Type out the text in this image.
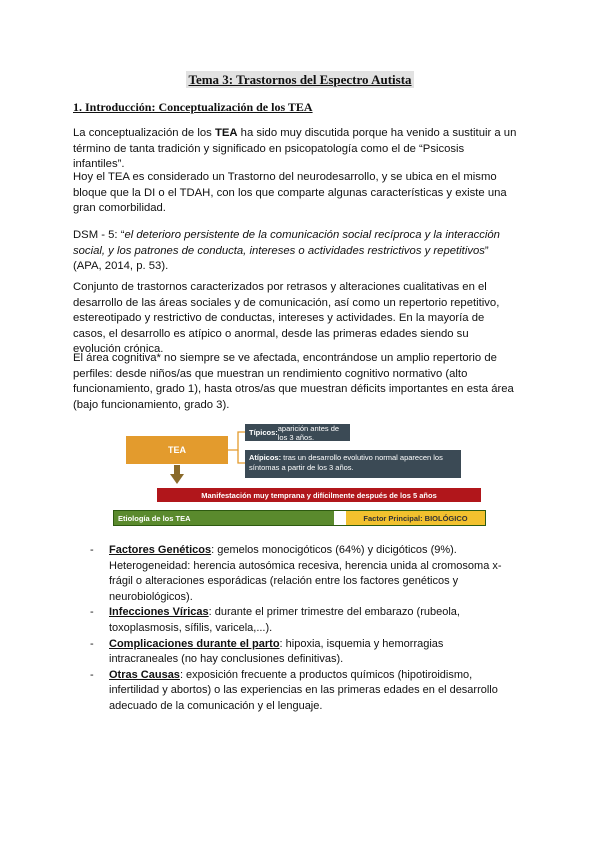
Tema 3: Trastornos del Espectro Autista
1. Introducción: Conceptualización de los TEA
La conceptualización de los TEA ha sido muy discutida porque ha venido a sustituir a un término de tanta tradición y significado en psicopatología como el de “Psicosis infantiles”.
Hoy el TEA es considerado un Trastorno del neurodesarrollo, y se ubica en el mismo bloque que la DI o el TDAH, con los que comparte algunas características y existe una gran comorbilidad.
DSM - 5: “el deterioro persistente de la comunicación social recíproca y la interacción social, y los patrones de conducta, intereses o actividades restrictivos y repetitivos” (APA, 2014, p. 53).
Conjunto de trastornos caracterizados por retrasos y alteraciones cualitativas en el desarrollo de las áreas sociales y de comunicación, así como un repertorio repetitivo, estereotipado y restrictivo de conductas, intereses y actividades. En la mayoría de casos, el desarrollo es atípico o anormal, desde las primeras edades siendo su evolución crónica.
El área cognitiva* no siempre se ve afectada, encontrándose un amplio repertorio de perfiles: desde niños/as que muestran un rendimiento cognitivo normativo (alto funcionamiento, grado 1), hasta otros/as que muestran déficits importantes en esta área (bajo funcionamiento, grado 3).
TEA
Típicos: aparición antes de los 3 años.
Atípicos: tras un desarrollo evolutivo normal aparecen los síntomas a partir de los 3 años.
Manifestación muy temprana y difícilmente después de los 5 años
Etiología de los TEA	Factor Principal: BIOLÓGICO
- Factores Genéticos: gemelos monocigóticos (64%) y dicigóticos (9%). Heterogeneidad: herencia autosómica recesiva, herencia unida al cromosoma x-frágil o alteraciones esporádicas (relación entre los factores genéticos y neurobiológicos).
- Infecciones Víricas: durante el primer trimestre del embarazo (rubeola, toxoplasmosis, sífilis, varicela,...).
- Complicaciones durante el parto: hipoxia, isquemia y hemorragias intracraneales (no hay conclusiones definitivas).
- Otras Causas: exposición frecuente a productos químicos (hipotiroidismo, infertilidad y abortos) o las experiencias en las primeras edades en el desarrollo adecuado de la comunicación y el lenguaje.
